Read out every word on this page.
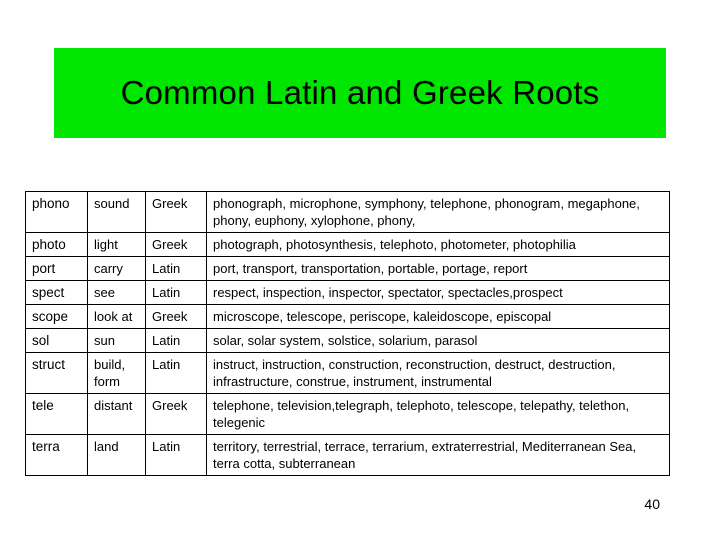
Common Latin and Greek Roots
phono	sound	Greek	phonograph, microphone, symphony, telephone, phonogram, megaphone, phony, euphony, xylophone, phony,
photo	light	Greek	photograph, photosynthesis, telephoto, photometer, photophilia
port	carry	Latin	port, transport, transportation, portable, portage, report
spect	see	Latin	respect, inspection, inspector, spectator, spectacles,prospect
scope	look at	Greek	microscope, telescope, periscope, kaleidoscope, episcopal
sol	sun	Latin	solar, solar system, solstice, solarium, parasol
struct	build, form	Latin	instruct, instruction, construction, reconstruction, destruct, destruction, infrastructure, construe, instrument, instrumental
tele	distant	Greek	telephone, television,telegraph, telephoto, telescope, telepathy, telethon, telegenic
terra	land	Latin	territory, terrestrial, terrace, terrarium, extraterrestrial, Mediterranean Sea, terra cotta, subterranean
40
